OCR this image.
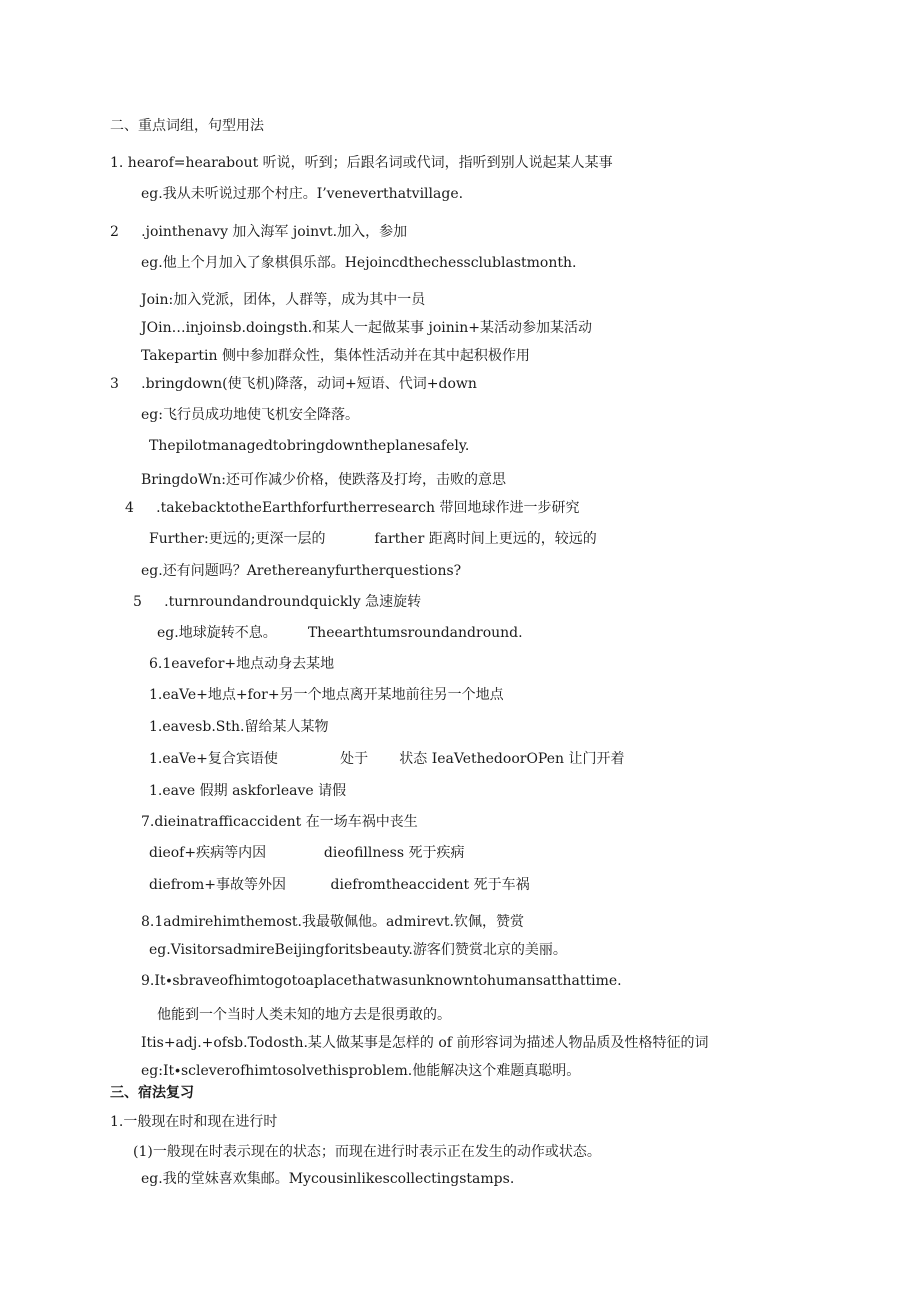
二、重点词组，句型用法
1. hearof=hearabout 听说，听到；后跟名词或代词，指听到别人说起某人某事
eg.我从未听说过那个村庄。I’veneverthatvillage.
2     .jointhenavy 加入海军 joinvt.加入，参加
eg.他上个月加入了象棋俱乐部。Hejoincdthechessclublastmonth.
Join:加入党派，团体，人群等，成为其中一员
JOin…injoinsb.doingsth.和某人一起做某事 joinin+某活动参加某活动
Takepartin 侧中参加群众性，集体性活动并在其中起积极作用
3     .bringdown(使飞机)降落，动词+短语、代词+down
eg:飞行员成功地使飞机安全降落。
Thepilotmanagedtobringdowntheplanesafely.
BringdoWn:还可作减少价格，使跌落及打垮，击败的意思
4     .takebacktotheEarthforfurtherresearch 带回地球作进一步研究
Further:更远的;更深一层的           farther 距离时间上更远的，较远的
eg.还有问题吗？Arethereanyfurtherquestions?
5     .turnroundandroundquickly 急速旋转
eg.地球旋转不息。       Theearthtumsroundandround.
6.1eavefor+地点动身去某地
1.eaVe+地点+for+另一个地点离开某地前往另一个地点
1.eavesb.Sth.留给某人某物
1.eaVe+复合宾语使              处于       状态 IeaVethedoorOPen 让门开着
1.eave 假期 askforleave 请假
7.dieinatrafficaccident 在一场车祸中丧生
dieof+疾病等内因             dieofillness 死于疾病
diefrom+事故等外因          diefromtheaccident 死于车祸
8.1admirehimthemost.我最敬佩他。admirevt.钦佩，赞赏
eg.VisitorsadmireBeijingforitsbeauty.游客们赞赏北京的美丽。
9.It∙sbraveofhimtogotoaplacethatwasunknowntohumansatthattime.
他能到一个当时人类未知的地方去是很勇敢的。
Itis+adj.+ofsb.Todosth.某人做某事是怎样的 of 前形容词为描述人物品质及性格特征的词
eg:It∙scleverofhimtosolvethisproblem.他能解决这个难题真聪明。
三、宿法复习
1.一般现在时和现在进行时
(1)一般现在时表示现在的状态；而现在进行时表示正在发生的动作或状态。
eg.我的堂妹喜欢集邮。Mycousinlikescollectingstamps.
